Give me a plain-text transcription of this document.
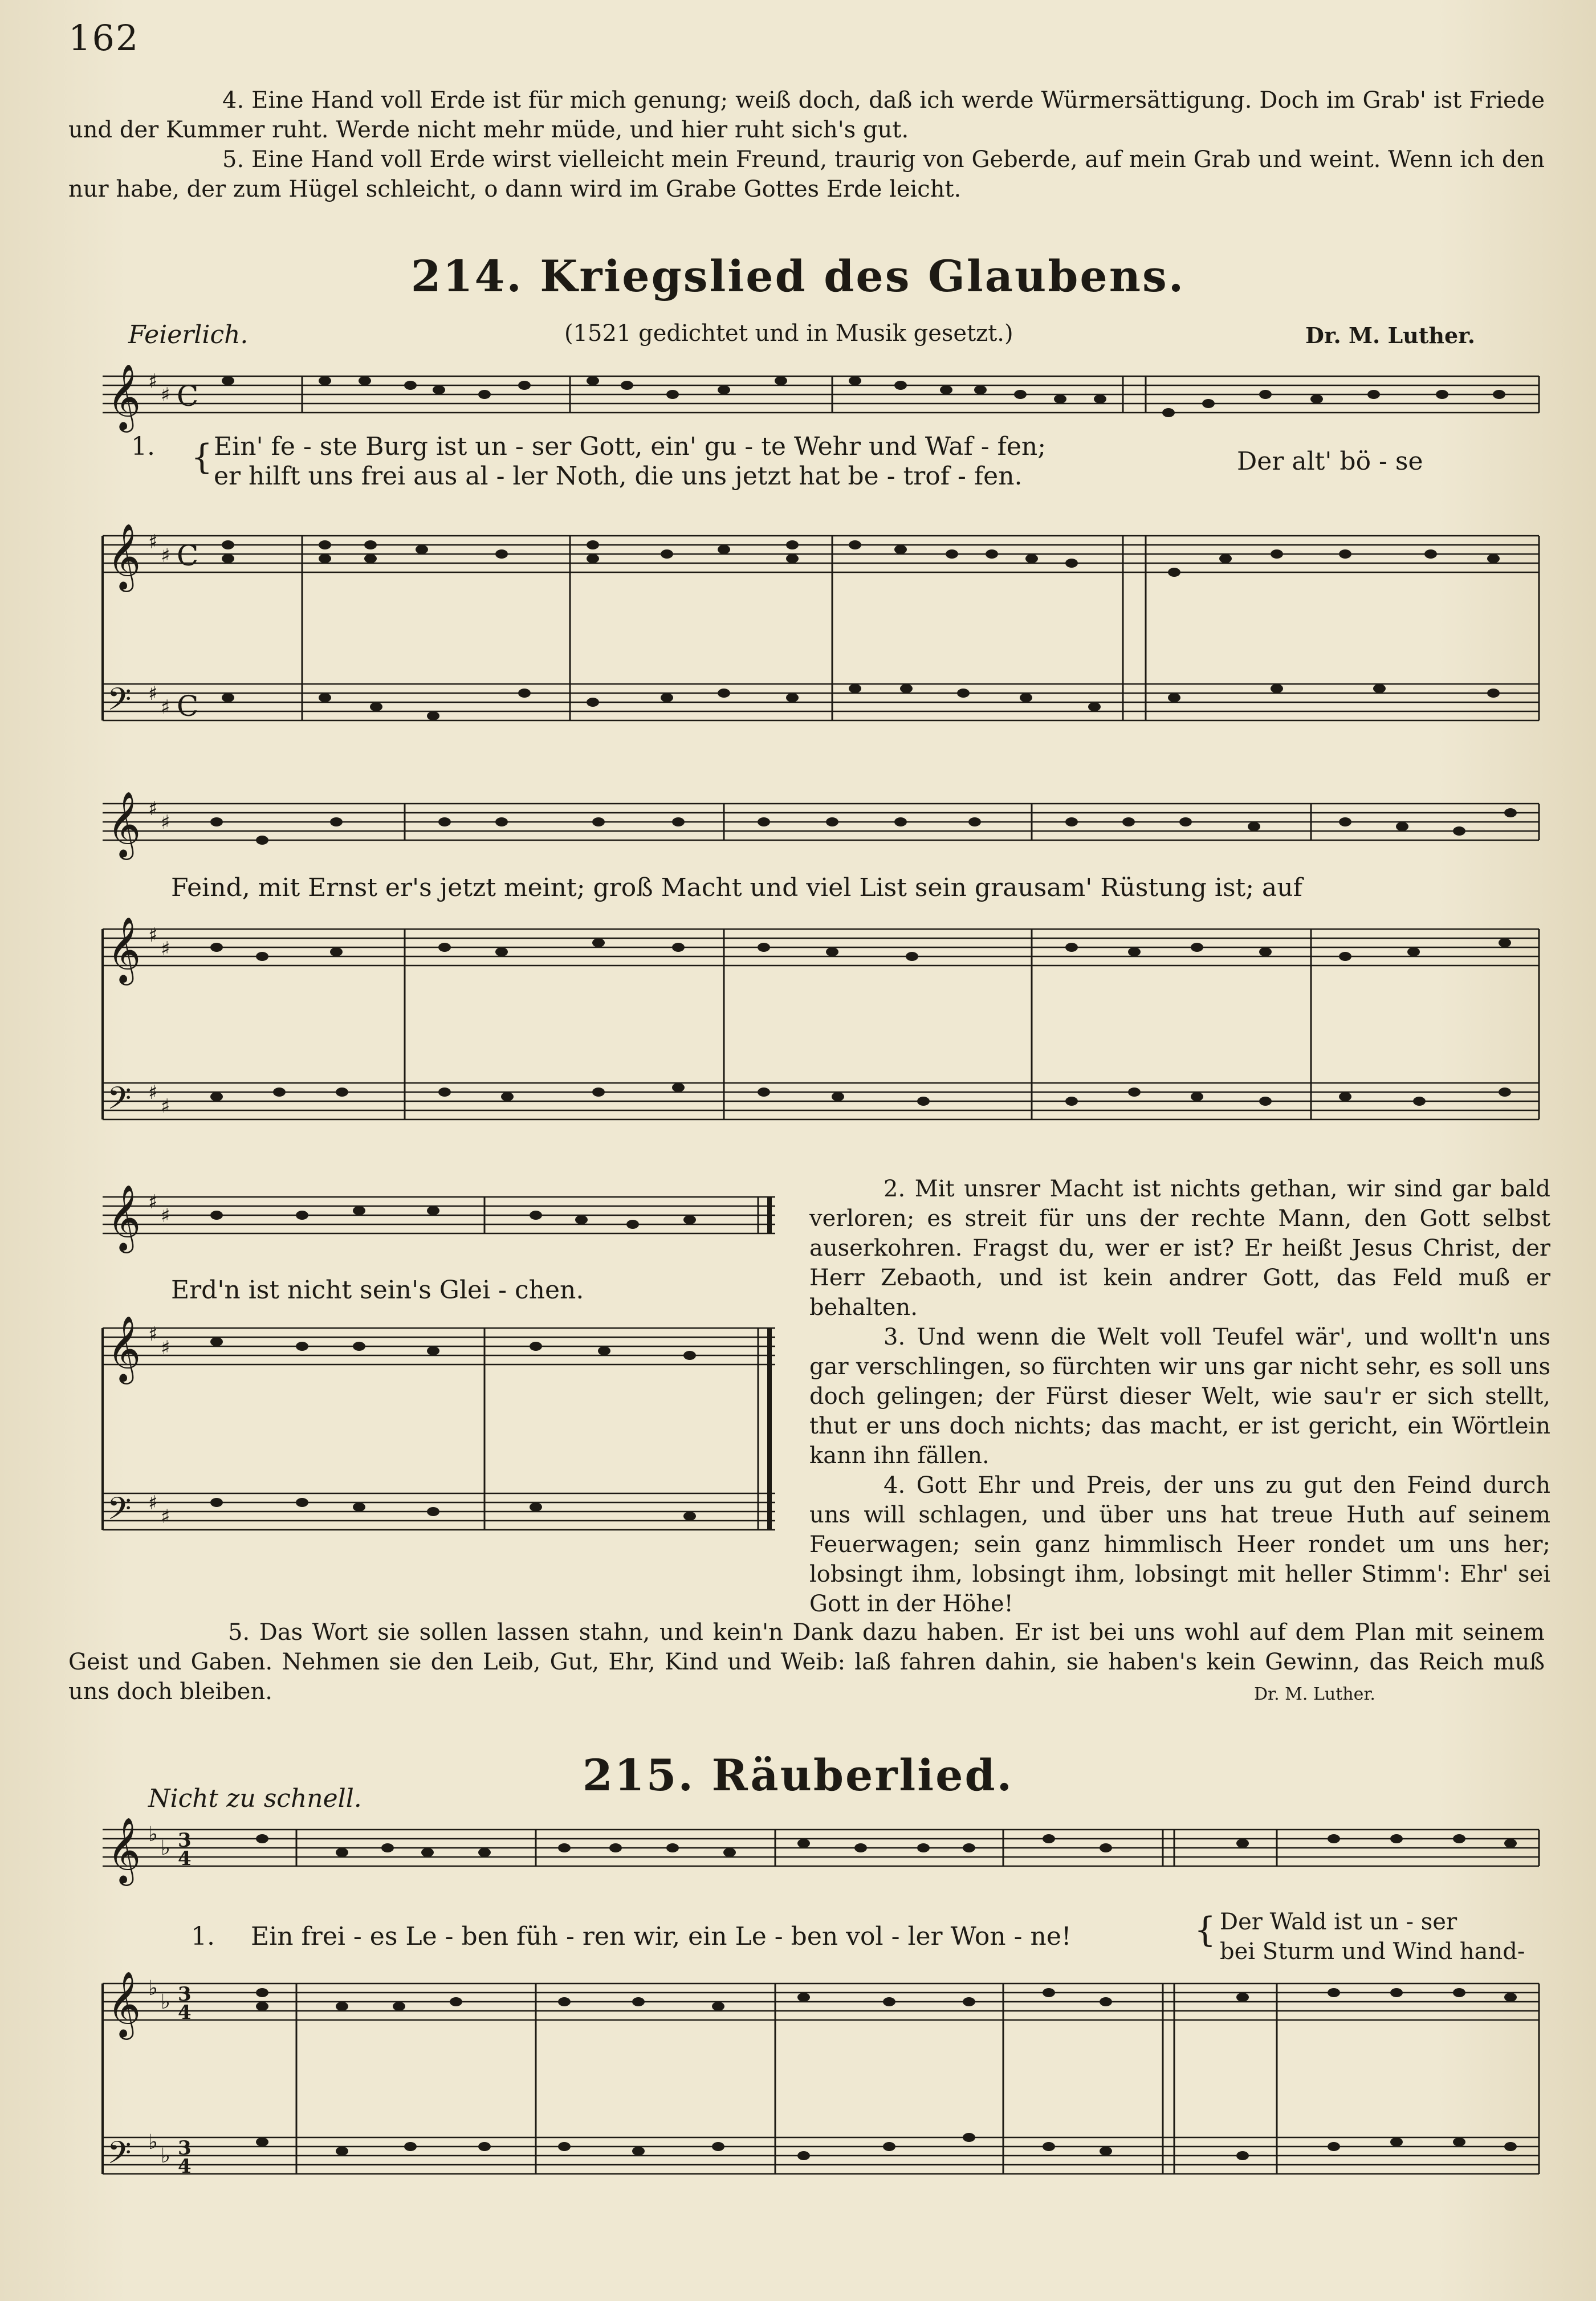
162
4. Eine Hand voll Erde ist für mich genung; weiß doch, daß ich werde Würmersättigung. Doch im Grab' ist Friede und der Kummer ruht. Werde nicht mehr müde, und hier ruht sich's gut.
5. Eine Hand voll Erde wirst vielleicht mein Freund, traurig von Geberde, auf mein Grab und weint. Wenn ich den nur habe, der zum Hügel schleicht, o dann wird im Grabe Gottes Erde leicht.
214. Kriegslied des Glaubens.
Feierlich.	(1521 gedichtet und in Musik gesetzt.)	Dr. M. Luther.
𝄞
𝄞
𝄢
♯
♯
♯
♯
♯
♯
C
C
C
1. { Ein' fe - ste Burg ist un - ser Gott, ein' gu - te Wehr und Waf - fen;
er hilft uns frei aus al - ler Noth, die uns jetzt hat be - trof - fen.
Der alt' bö - se
𝄞
𝄞
𝄢
♯
♯
♯
♯
♯
♯
Feind, mit Ernst er's jetzt meint; groß Macht und viel List sein grausam' Rüstung ist; auf
𝄞
𝄞
𝄢
♯
♯
♯
♯
♯
♯
Erd'n ist nicht sein's Glei - chen.

2. Mit unsrer Macht ist nichts gethan, wir sind gar bald verloren; es streit für uns der rechte Mann, den Gott selbst auserkohren. Fragst du, wer er ist? Er heißt Jesus Christ, der Herr Zebaoth, und ist kein andrer Gott, das Feld muß er behalten.

3. Und wenn die Welt voll Teufel wär', und wollt'n uns gar verschlingen, so fürchten wir uns gar nicht sehr, es soll uns doch gelingen; der Fürst dieser Welt, wie sau'r er sich stellt, thut er uns doch nichts; das macht, er ist gericht, ein Wörtlein kann ihn fällen.

4. Gott Ehr und Preis, der uns zu gut den Feind durch uns will schlagen, und über uns hat treue Huth auf seinem Feuerwagen; sein ganz himmlisch Heer rondet um uns her; lobsingt ihm, lobsingt ihm, lobsingt mit heller Stimm': Ehr' sei Gott in der Höhe!

5. Das Wort sie sollen lassen stahn, und kein'n Dank dazu haben. Er ist bei uns wohl auf dem Plan mit seinem Geist und Gaben. Nehmen sie den Leib, Gut, Ehr, Kind und Weib: laß fahren dahin, sie haben's kein Gewinn, das Reich muß uns doch bleiben.	Dr. M. Luther.
215. Räuberlied.
Nicht zu schnell.
𝄞
𝄞
𝄢
♭
♭
♭
♭
♭
♭
3
4
3
4
3
4
1. Ein frei - es Le - ben füh - ren wir, ein Le - ben vol - ler Won - ne!	{ Der Wald ist un - ser
bei Sturm und Wind hand-
